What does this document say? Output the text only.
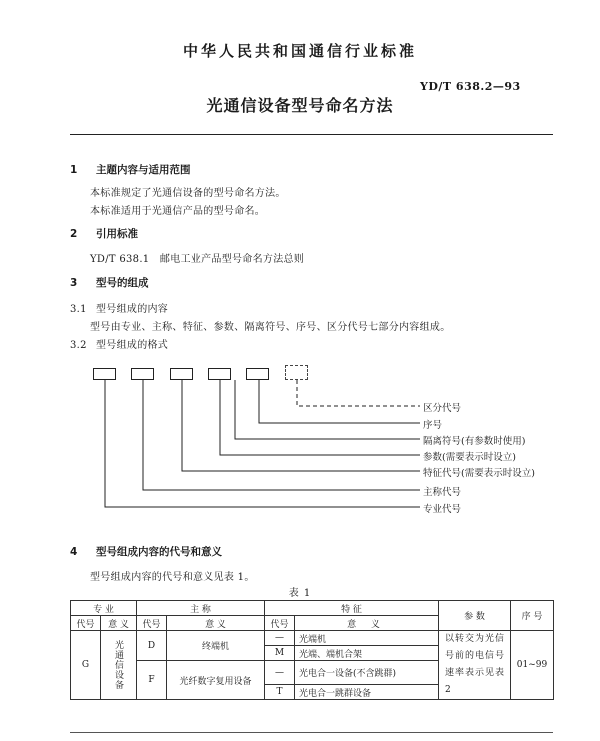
中华人民共和国通信行业标准
YD/T 638.2—93
光通信设备型号命名方法
1 主题内容与适用范围
本标准规定了光通信设备的型号命名方法。
本标准适用于光通信产品的型号命名。
2 引用标准
YD/T 638.1   邮电工业产品型号命名方法总则
3 型号的组成
3.1 型号组成的内容
型号由专业、主称、特征、参数、隔离符号、序号、区分代号七部分内容组成。
3.2 型号组成的格式
区分代号
序号
隔离符号(有参数时使用)
参数(需要表示时设立)
特征代号(需要表示时设立)
主称代号
专业代号
4 型号组成内容的代号和意义
型号组成内容的代号和意义见表 1。
表 1
专 业		主 称		特 征		参 数	序 号
代号	意 义	代号	意 义	代号	意 义		
G	光通信设备	D	终端机	—	光端机	以转交为光信号前的电信号速率表示见表 2	01~99
				M	光端、端机合架		
		F	光纤数字复用设备	—	光电合一设备(不含跳群)		
				T	光电合一跳群设备		
